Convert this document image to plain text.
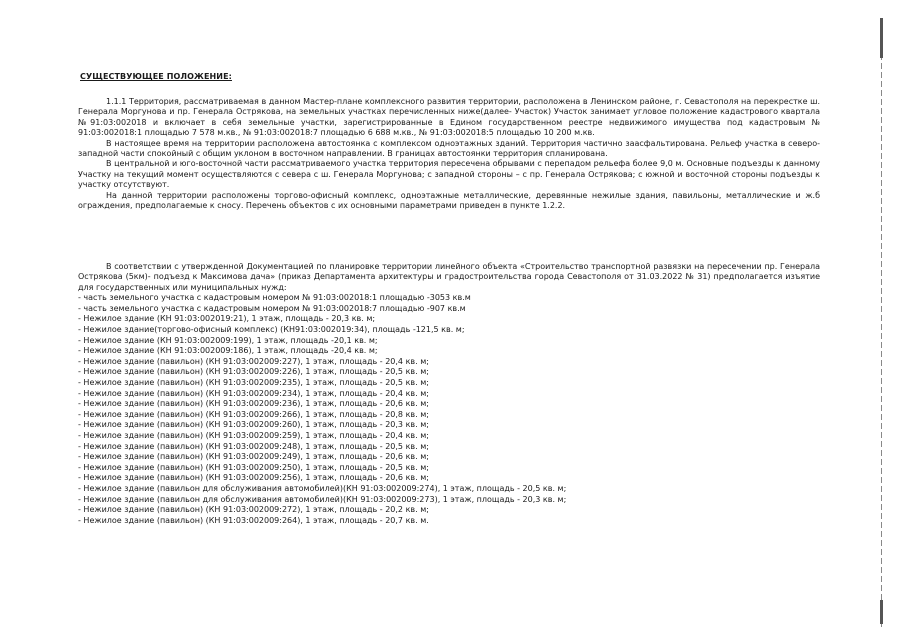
СУЩЕСТВУЮЩЕЕ ПОЛОЖЕНИЕ:

1.1.1 Территория, рассматриваемая в данном Мастер-плане комплексного развития территории, расположена в Ленинском районе, г. Севастополя на перекрестке ш. Генерала Моргунова и пр. Генерала Острякова, на земельных участках перечисленных ниже(далее- Участок) Участок занимает угловое положение кадастрового квартала №91:03:002018 и включает в себя земельные участки, зарегистрированные в Едином государственном реестре недвижимого имущества под кадастровым № 91:03:002018:1 площадью 7 578 м.кв., № 91:03:002018:7 площадью 6 688 м.кв., № 91:03:002018:5 площадью 10 200 м.кв.

В настоящее время на территории расположена автостоянка с комплексом одноэтажных зданий. Территория частично заасфальтирована. Рельеф участка в северо-западной части спокойный с общим уклоном в восточном направлении. В границах автостоянки территория спланирована.

В центральной и юго-восточной части рассматриваемого участка территория пересечена обрывами с перепадом рельефа более 9,0 м. Основные подъезды к данному Участку на текущий момент осуществляются с севера с ш. Генерала Моргунова; с западной стороны – с пр. Генерала Острякова; с южной и восточной стороны подъезды к участку отсутствуют.

На данной территории расположены торгово-офисный комплекс, одноэтажные металлические, деревянные нежилые здания, павильоны, металлические и ж.б ограждения, предполагаемые к сносу. Перечень объектов с их основными параметрами приведен в пункте 1.2.2.

В соответствии с утвержденной Документацией по планировке территории линейного объекта «Строительство транспортной развязки на пересечении пр. Генерала Острякова (5км)- подъезд к Максимова дача» (приказ Департамента архитектуры и градостроительства города Севастополя от 31.03.2022 № 31) предполагается изъятие для государственных или муниципальных нужд:

- часть земельного участка с кадастровым номером № 91:03:002018:1 площадью -3053 кв.м
- часть земельного участка с кадастровым номером № 91:03:002018:7 площадью -907 кв.м
- Нежилое здание (КН 91:03:002019:21), 1 этаж, площадь - 20,3 кв. м;
- Нежилое здание(торгово-офисный комплекс) (КН91:03:002019:34), площадь -121,5 кв. м;
- Нежилое здание (КН 91:03:002009:199), 1 этаж, площадь -20,1 кв. м;
- Нежилое здание (КН 91:03:002009:186), 1 этаж, площадь -20,4 кв. м;
- Нежилое здание (павильон) (КН 91:03:002009:227), 1 этаж, площадь - 20,4 кв. м;
- Нежилое здание (павильон) (КН 91:03:002009:226), 1 этаж, площадь - 20,5 кв. м;
- Нежилое здание (павильон) (КН 91:03:002009:235), 1 этаж, площадь - 20,5 кв. м;
- Нежилое здание (павильон) (КН 91:03:002009:234), 1 этаж, площадь - 20,4 кв. м;
- Нежилое здание (павильон) (КН 91:03:002009:236), 1 этаж, площадь - 20,6 кв. м;
- Нежилое здание (павильон) (КН 91:03:002009:266), 1 этаж, площадь - 20,8 кв. м;
- Нежилое здание (павильон) (КН 91:03:002009:260), 1 этаж, площадь - 20,3 кв. м;
- Нежилое здание (павильон) (КН 91:03:002009:259), 1 этаж, площадь - 20,4 кв. м;
- Нежилое здание (павильон) (КН 91:03:002009:248), 1 этаж, площадь - 20,5 кв. м;
- Нежилое здание (павильон) (КН 91:03:002009:249), 1 этаж, площадь - 20,6 кв. м;
- Нежилое здание (павильон) (КН 91:03:002009:250), 1 этаж, площадь - 20,5 кв. м;
- Нежилое здание (павильон) (КН 91:03:002009:256), 1 этаж, площадь - 20,6 кв. м;
- Нежилое здание (павильон для обслуживания автомобилей)(КН 91:03:002009:274), 1 этаж, площадь - 20,5 кв. м;
- Нежилое здание (павильон для обслуживания автомобилей)(КН 91:03:002009:273), 1 этаж, площадь - 20,3 кв. м;
- Нежилое здание (павильон) (КН 91:03:002009:272), 1 этаж, площадь - 20,2 кв. м;
- Нежилое здание (павильон) (КН 91:03:002009:264), 1 этаж, площадь - 20,7 кв. м.
